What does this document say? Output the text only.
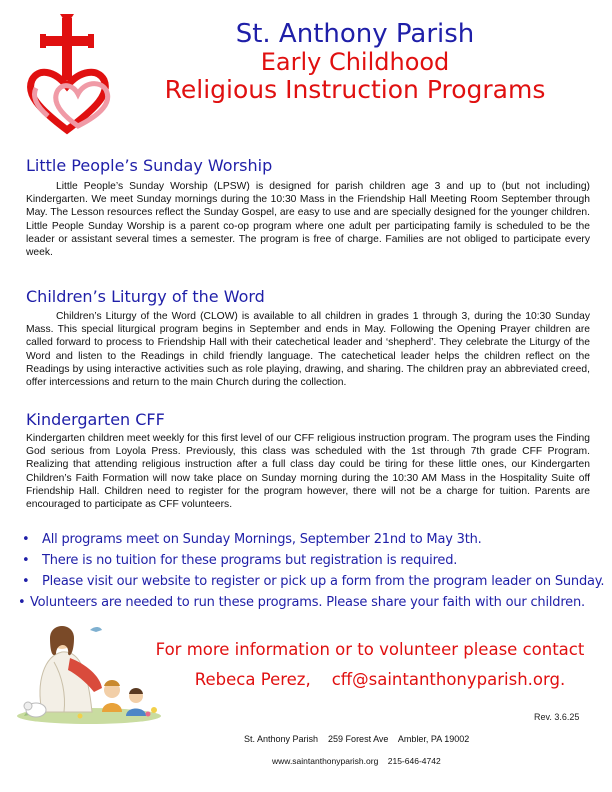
St. Anthony Parish
Early Childhood
Religious Instruction Programs
Little People’s Sunday Worship

Little People’s Sunday Worship (LPSW) is designed for parish children age 3 and up to (but not including) Kindergarten. We meet Sunday mornings during the 10:30 Mass in the Friendship Hall Meeting Room September through May. The Lesson resources reflect the Sunday Gospel, are easy to use and are specially designed for the younger children. Little People Sunday Worship is a parent co-op program where one adult per participating family is scheduled to be the leader or assistant several times a semester. The program is free of charge. Families are not obliged to participate every week.

Children’s Liturgy of the Word

Children’s Liturgy of the Word (CLOW) is available to all children in grades 1 through 3, during the 10:30 Sunday Mass. This special liturgical program begins in September and ends in May. Following the Opening Prayer children are called forward to process to Friendship Hall with their catechetical leader and ‘shepherd’. They celebrate the Liturgy of the Word and listen to the Readings in child friendly language. The catechetical leader helps the children reflect on the Readings by using interactive activities such as role playing, drawing, and sharing. The children pray an abbreviated creed, offer intercessions and return to the main Church during the collection.

Kindergarten CFF

Kindergarten children meet weekly for this first level of our CFF religious instruction program. The program uses the Finding God serious from Loyola Press. Previously, this class was scheduled with the 1st through 7th grade CFF Program. Realizing that attending religious instruction after a full class day could be tiring for these little ones, our Kindergarten Children’s Faith Formation will now take place on Sunday morning during the 10:30 AM Mass in the Hospitality Suite off Friendship Hall. Children need to register for the program however, there will not be a charge for tuition. Parents are encouraged to participate as CFF volunteers.

• All programs meet on Sunday Mornings, September 21nd to May 3th.
• There is no tuition for these programs but registration is required.
• Please visit our website to register or pick up a form from the program leader on Sunday.
• Volunteers are needed to run these programs. Please share your faith with our children.
For more information or to volunteer please contact
Rebeca Perez, cff@saintanthonyparish.org.
Rev. 3.6.25
St. Anthony Parish    259 Forest Ave    Ambler, PA 19002
www.saintanthonyparish.org    215-646-4742
